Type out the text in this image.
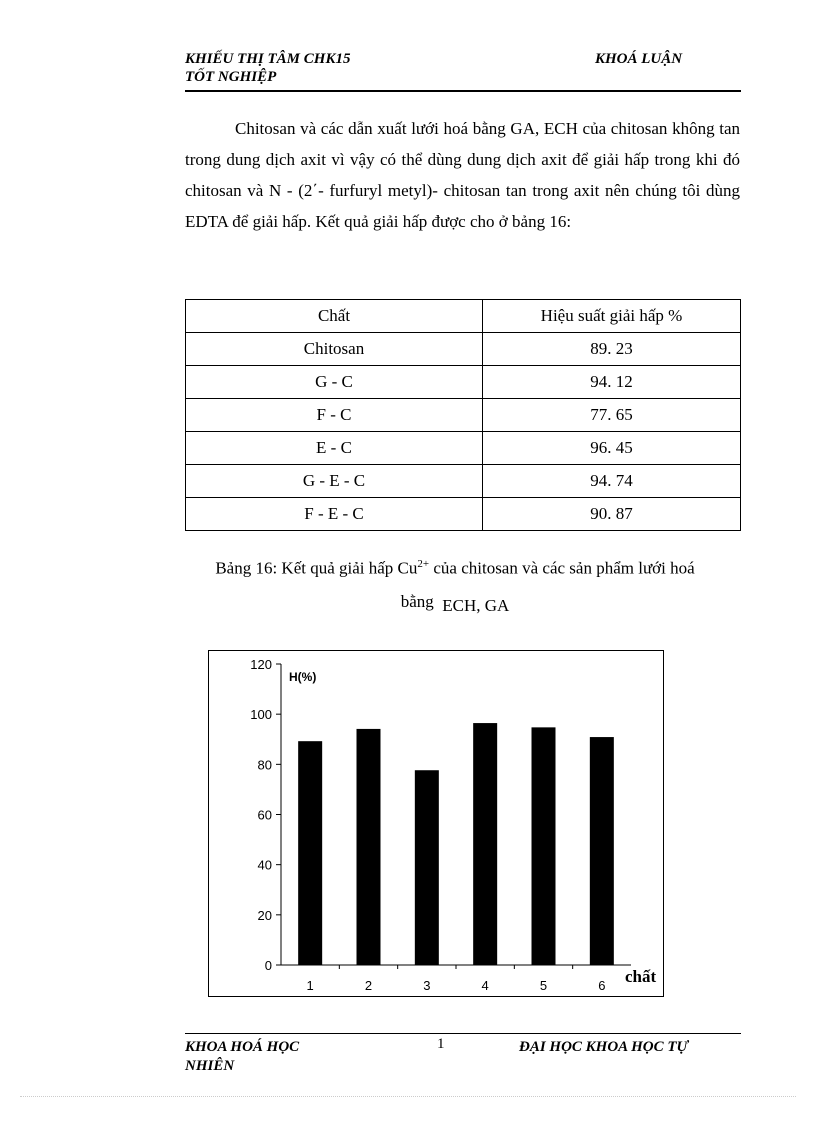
KHIẾU THỊ TÂM CHK15
TỐT NGHIỆP
KHOÁ LUẬN

Chitosan và các dẫn xuất lưới hoá bằng GA, ECH của chitosan không tan trong dung dịch axit vì vậy có thể dùng dung dịch axit để giải hấp trong khi đó chitosan và N - (2΄- furfuryl metyl)- chitosan tan trong axit nên chúng tôi dùng EDTA để giải hấp. Kết quả giải hấp được cho ở bảng 16:

Chất	Hiệu suất giải hấp %
Chitosan	89. 23
G - C	94. 12
F - C	77. 65
E - C	96. 45
G - E - C	94. 74
F - E - C	90. 87
Bảng 16: Kết quả giải hấp $Cu^{2+}$ của chitosan và các sản phẩm lưới hoá
bằng ECH, GA
H(%)
chất
0
20
40
60
80
100
120
1	2	3	4	5	6
KHOA HOÁ HỌC
NHIÊN
1	ĐẠI HỌC KHOA HỌC TỰ
